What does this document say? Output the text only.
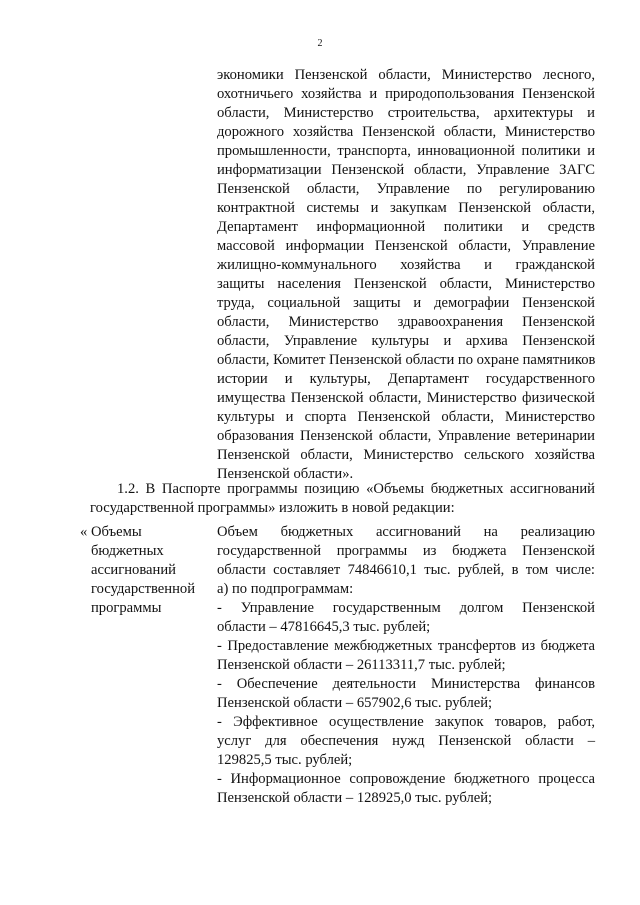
2
экономики Пензенской области, Министерство лесного,
охотничьего хозяйства и природопользования Пензенской
области, Министерство строительства, архитектуры и
дорожного хозяйства Пензенской области, Министерство
промышленности, транспорта, инновационной политики и
информатизации Пензенской области, Управление ЗАГС
Пензенской области, Управление по регулированию
контрактной системы и закупкам Пензенской области,
Департамент информационной политики и средств
массовой информации Пензенской области, Управление
жилищно-коммунального хозяйства и гражданской
защиты населения Пензенской области, Министерство
труда, социальной защиты и демографии Пензенской
области, Министерство здравоохранения Пензенской
области, Управление культуры и архива Пензенской
области, Комитет Пензенской области по охране памятников
истории и культуры, Департамент государственного
имущества Пензенской области, Министерство физической
культуры и спорта Пензенской области, Министерство
образования Пензенской области, Управление ветеринарии
Пензенской области, Министерство сельского хозяйства
Пензенской области».
1.2. В Паспорте программы позицию «Объемы бюджетных ассигнований
государственной программы» изложить в новой редакции:
« Объемы
бюджетных
ассигнований
государственной
программы
Объем бюджетных ассигнований на реализацию
государственной программы из бюджета Пензенской
области составляет 74846610,1 тыс. рублей, в том числе:
а) по подпрограммам:
- Управление государственным долгом Пензенской
области – 47816645,3 тыс. рублей;
- Предоставление межбюджетных трансфертов из бюджета
Пензенской области – 26113311,7 тыс. рублей;
- Обеспечение деятельности Министерства финансов
Пензенской области – 657902,6 тыс. рублей;
- Эффективное осуществление закупок товаров, работ,
услуг для обеспечения нужд Пензенской области –
129825,5 тыс. рублей;
- Информационное сопровождение бюджетного процесса
Пензенской области – 128925,0 тыс. рублей;
